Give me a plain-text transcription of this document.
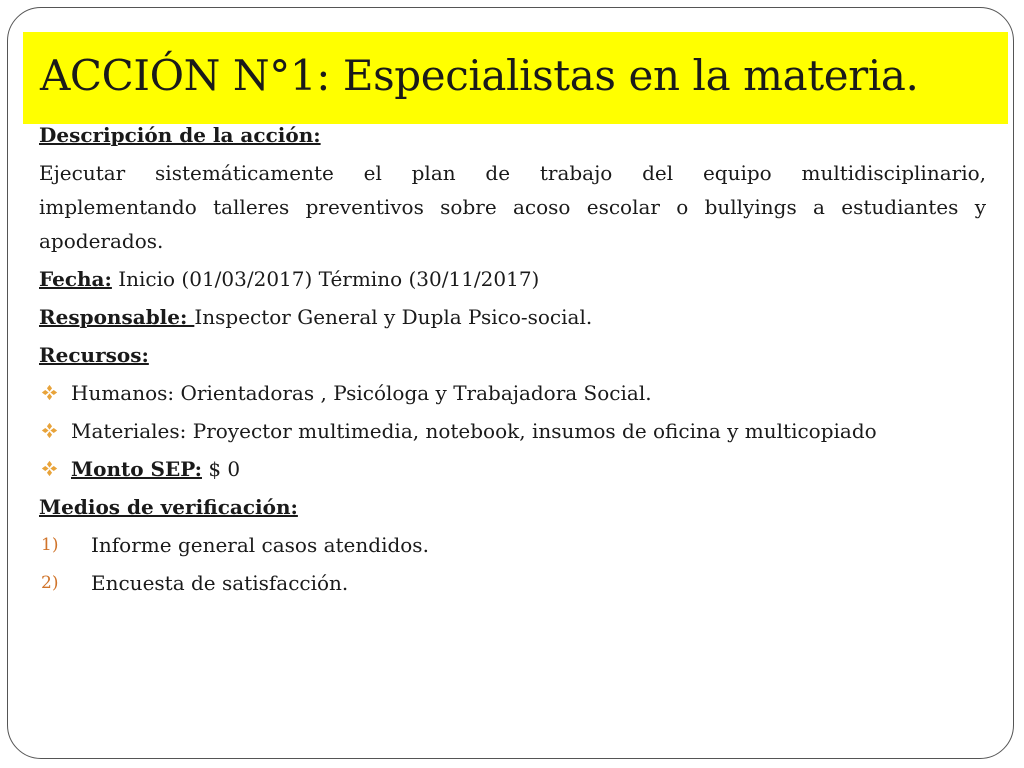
ACCIÓN N°1: Especialistas en la materia.

Descripción de la acción:

Ejecutar sistemáticamente el plan de trabajo del equipo multidisciplinario, implementando talleres preventivos sobre acoso escolar o bullyings a estudiantes y apoderados.

Fecha: Inicio (01/03/2017) Término (30/11/2017)

Responsable: Inspector General y Dupla Psico-social.

Recursos:

Humanos: Orientadoras , Psicóloga y Trabajadora Social.
Materiales: Proyector multimedia, notebook, insumos de oficina y multicopiado
Monto SEP: $ 0

Medios de verificación:

1) Informe general casos atendidos.
2) Encuesta de satisfacción.
